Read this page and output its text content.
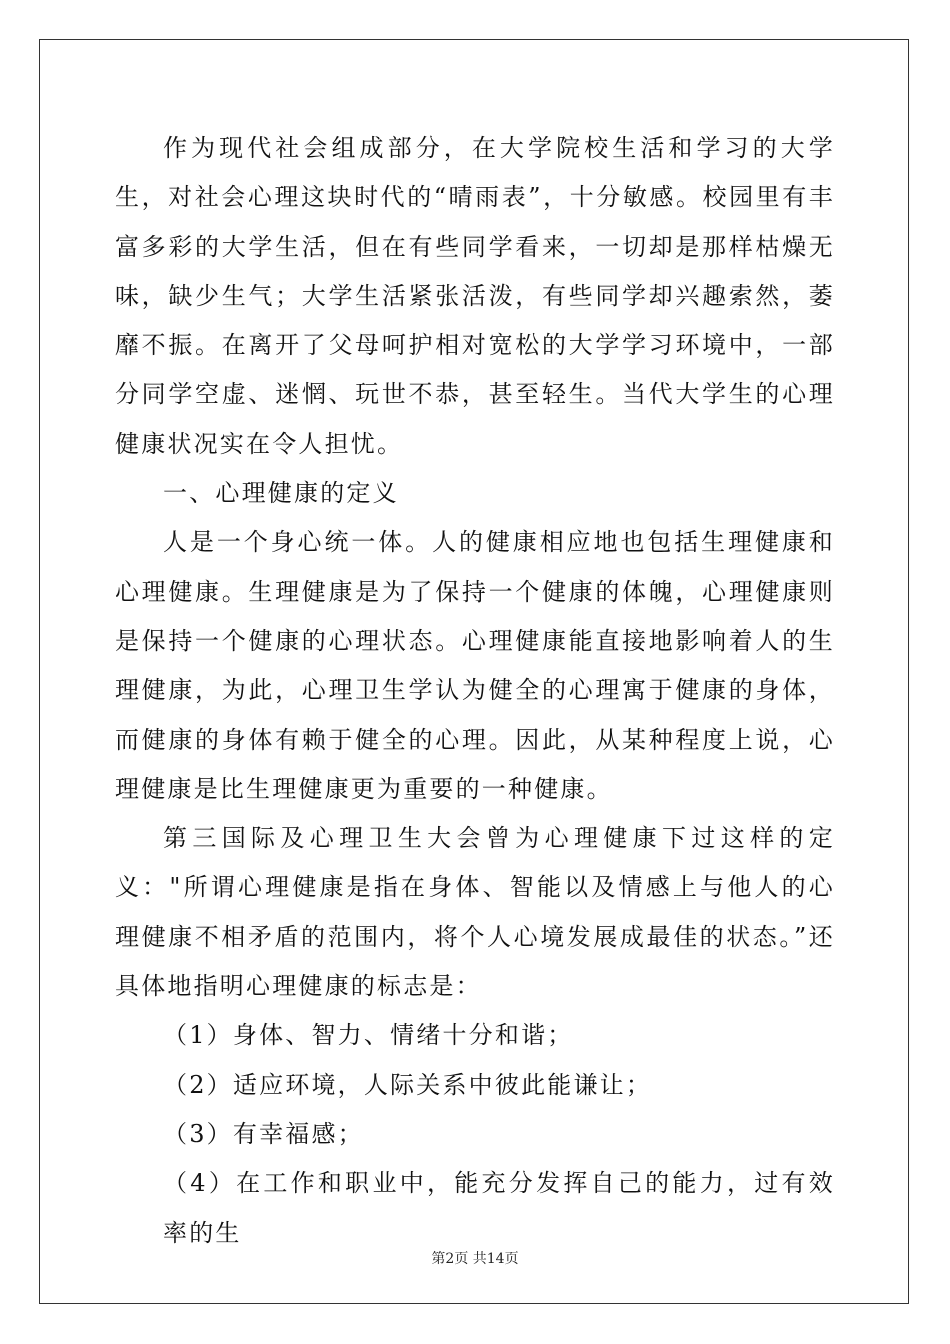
作为现代社会组成部分，在大学院校生活和学习的大学生，对社会心理这块时代的“晴雨表”，十分敏感。校园里有丰富多彩的大学生活，但在有些同学看来，一切却是那样枯燥无味，缺少生气；大学生活紧张活泼，有些同学却兴趣索然，萎靡不振。在离开了父母呵护相对宽松的大学学习环境中，一部分同学空虚、迷惘、玩世不恭，甚至轻生。当代大学生的心理健康状况实在令人担忧。

一、心理健康的定义

人是一个身心统一体。人的健康相应地也包括生理健康和心理健康。生理健康是为了保持一个健康的体魄，心理健康则是保持一个健康的心理状态。心理健康能直接地影响着人的生理健康，为此，心理卫生学认为健全的心理寓于健康的身体，而健康的身体有赖于健全的心理。因此，从某种程度上说，心理健康是比生理健康更为重要的一种健康。

第三国际及心理卫生大会曾为心理健康下过这样的定义："所谓心理健康是指在身体、智能以及情感上与他人的心理健康不相矛盾的范围内，将个人心境发展成最佳的状态。”还具体地指明心理健康的标志是：

（1）身体、智力、情绪十分和谐；

（2）适应环境，人际关系中彼此能谦让；

（3）有幸福感；

（4）在工作和职业中，能充分发挥自己的能力，过有效率的生

第2页 共14页
